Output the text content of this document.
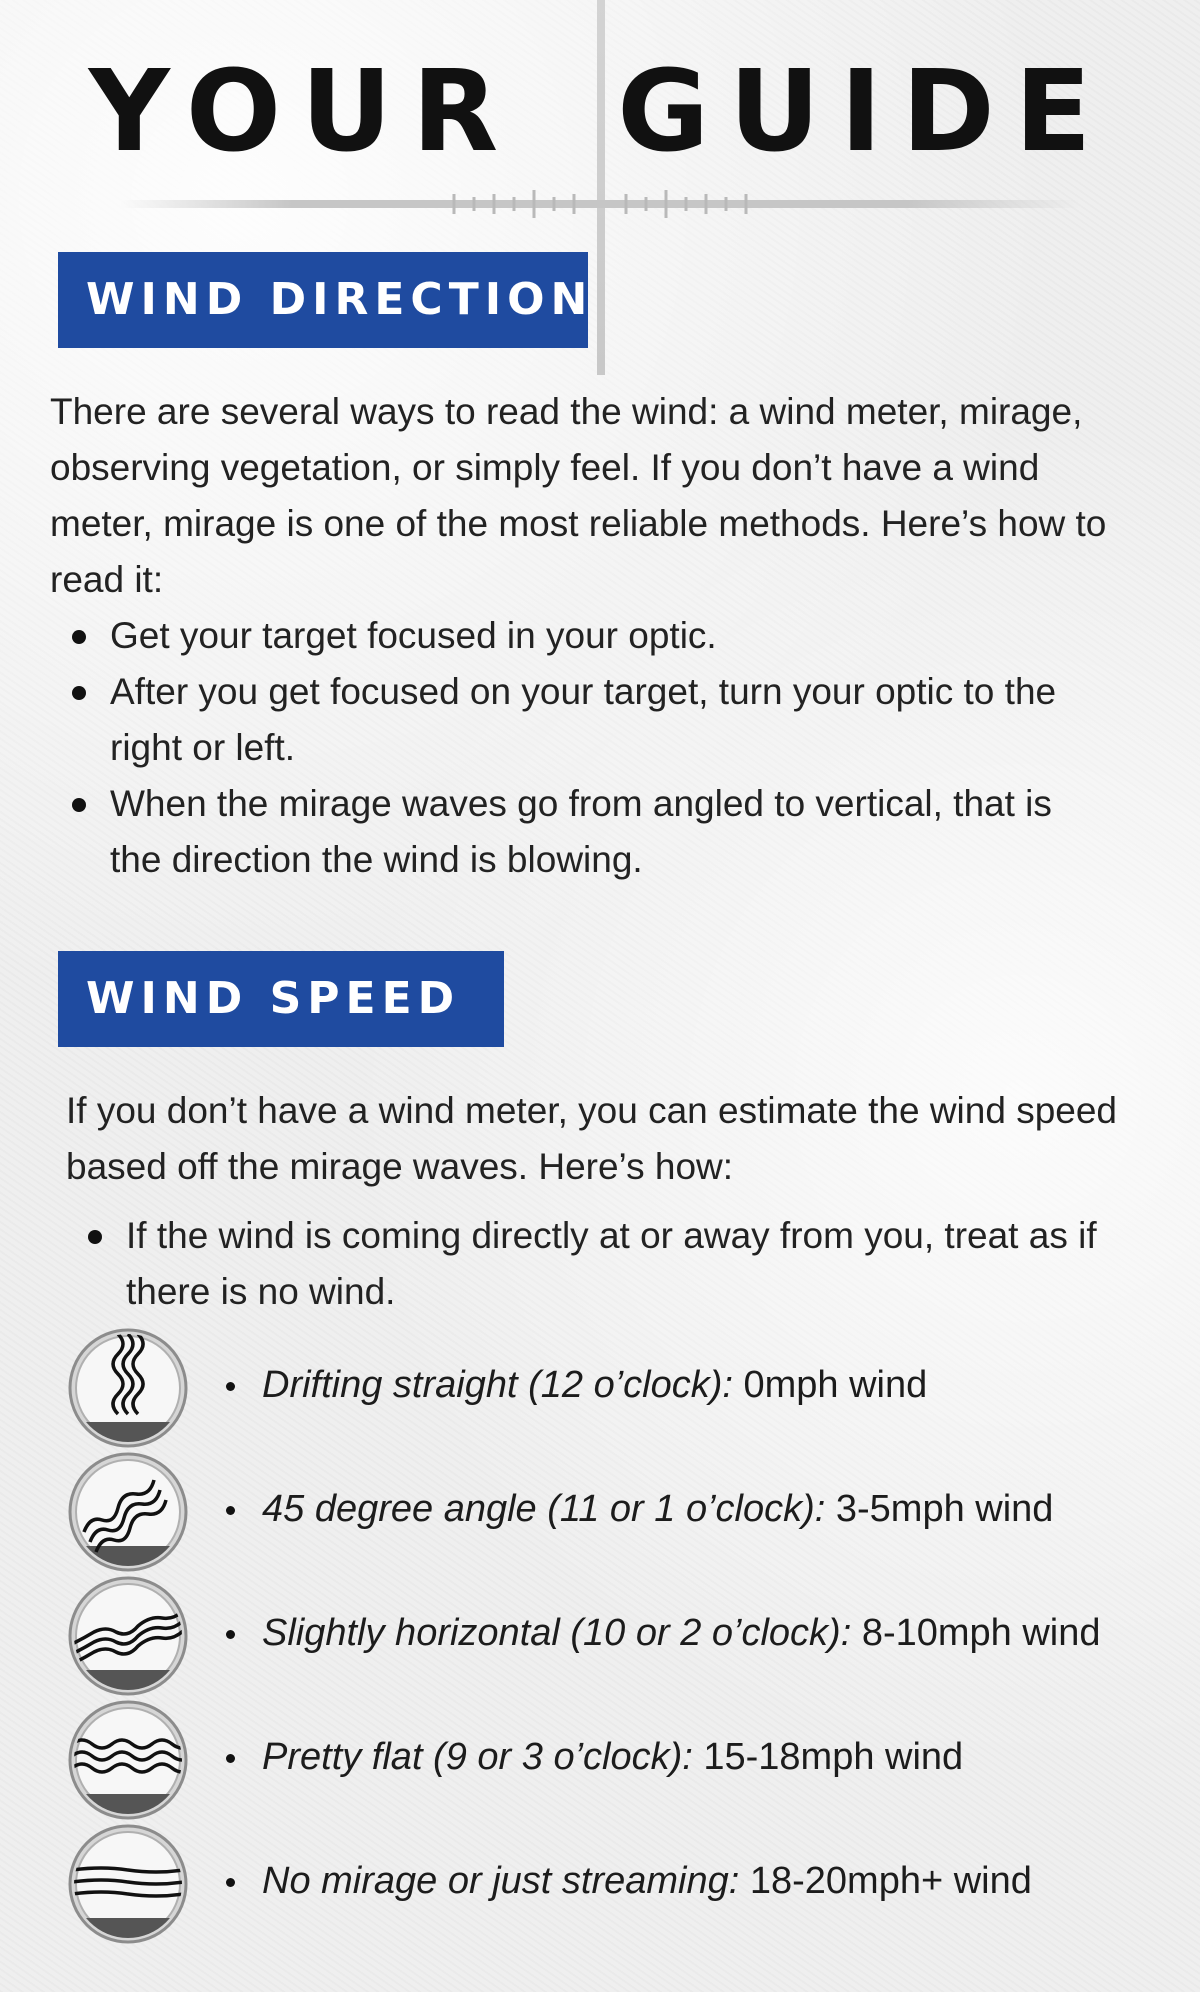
YOUR GUIDE
WIND DIRECTION
There are several ways to read the wind: a wind meter, mirage, observing vegetation, or simply feel. If you don’t have a wind meter, mirage is one of the most reliable methods. Here’s how to read it:
Get your target focused in your optic.
After you get focused on your target, turn your optic to the right or left.
When the mirage waves go from angled to vertical, that is the direction the wind is blowing.
WIND SPEED
If you don’t have a wind meter, you can estimate the wind speed based off the mirage waves. Here’s how:
If the wind is coming directly at or away from you, treat as if there is no wind.
Drifting straight (12 o’clock): 0mph wind
45 degree angle (11 or 1 o’clock): 3-5mph wind
Slightly horizontal (10 or 2 o’clock): 8-10mph wind
Pretty flat (9 or 3 o’clock): 15-18mph wind
No mirage or just streaming: 18-20mph+ wind
